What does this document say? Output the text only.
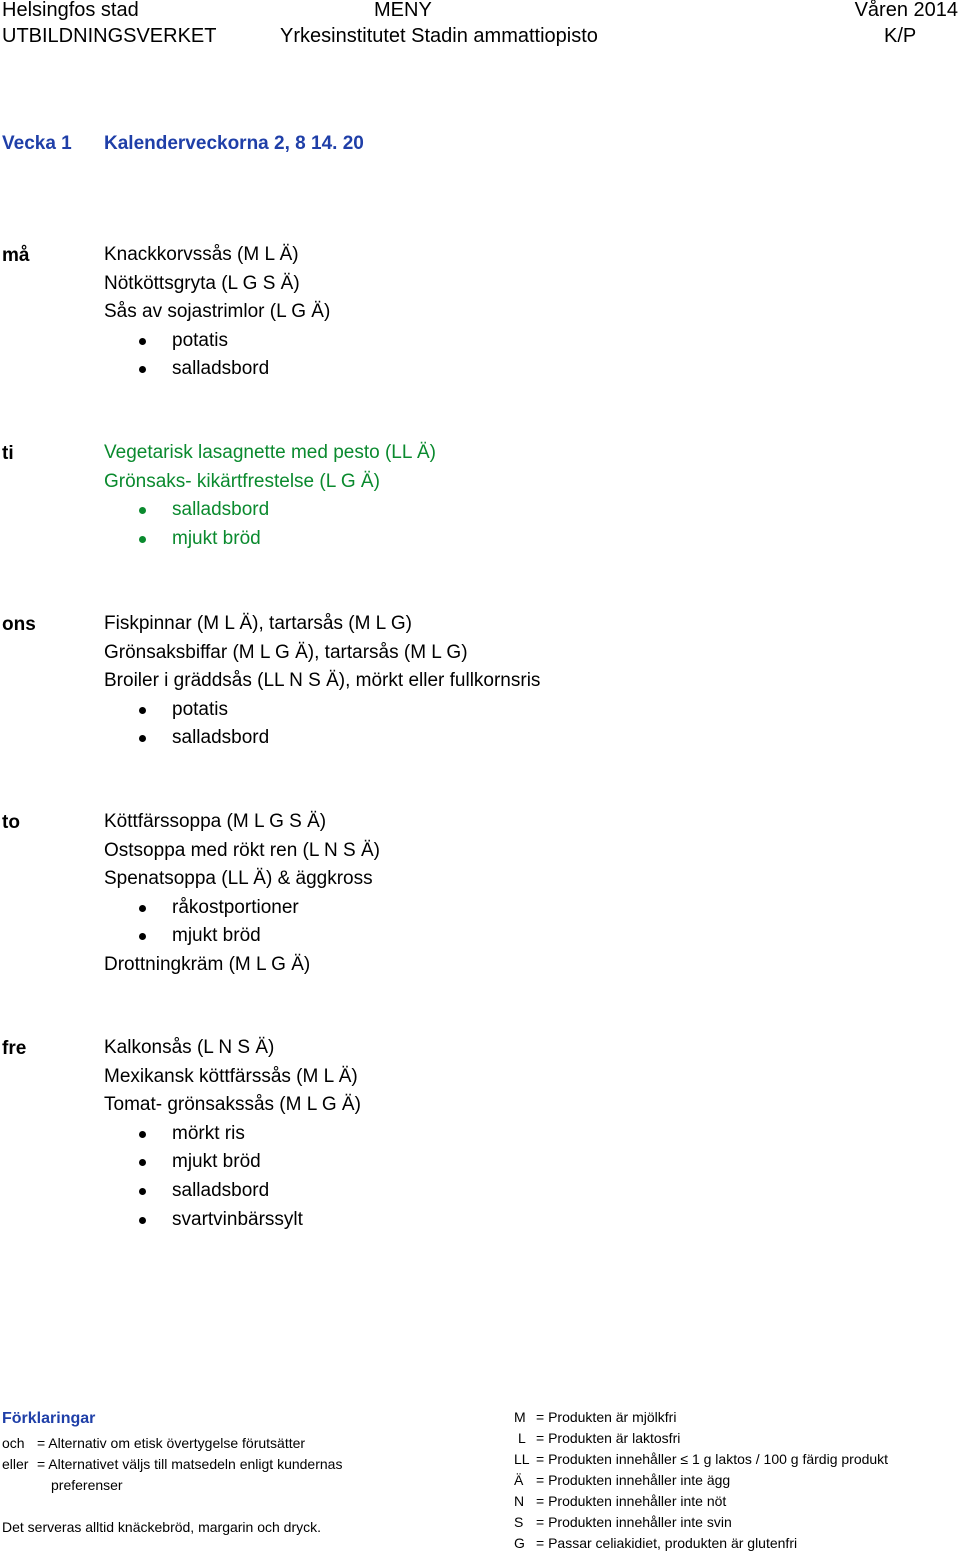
Helsingfos stad	MENY	Våren 2014
UTBILDNINGSVERKET	Yrkesinstitutet Stadin ammattiopisto	K/P
Vecka 1 Kalenderveckorna 2, 8 14. 20
må	Knackkorvssås (M L Ä)
Nötköttsgryta (L G S Ä)
Sås av sojastrimlor (L G Ä)
potatis
salladsbord
ti	Vegetarisk lasagnette med pesto (LL Ä)
Grönsaks- kikärtfrestelse (L G Ä)
salladsbord
mjukt bröd
ons	Fiskpinnar (M L Ä), tartarsås (M L G)
Grönsaksbiffar (M L G Ä), tartarsås (M L G)
Broiler i gräddsås (LL N S Ä), mörkt eller fullkornsris
potatis
salladsbord
to	Köttfärssoppa (M L G S Ä)
Ostsoppa med rökt ren (L N S Ä)
Spenatsoppa (LL Ä) & äggkross
råkostportioner
mjukt bröd
Drottningkräm (M L G Ä)
fre	Kalkonsås (L N S Ä)
Mexikansk köttfärssås (M L Ä)
Tomat- grönsakssås (M L G Ä)
mörkt ris
mjukt bröd
salladsbord
svartvinbärssylt
Förklaringar
och = Alternativ om etisk övertygelse förutsätter
eller = Alternativet väljs till matsedeln enligt kundernas
preferenser
Det serveras alltid knäckebröd, margarin och dryck.
M = Produkten är mjölkfri
L = Produkten är laktosfri
LL = Produkten innehåller ≤ 1 g laktos / 100 g färdig produkt
Ä = Produkten innehåller inte ägg
N = Produkten innehåller inte nöt
S = Produkten innehåller inte svin
G = Passar celiakidiet, produkten är glutenfri
